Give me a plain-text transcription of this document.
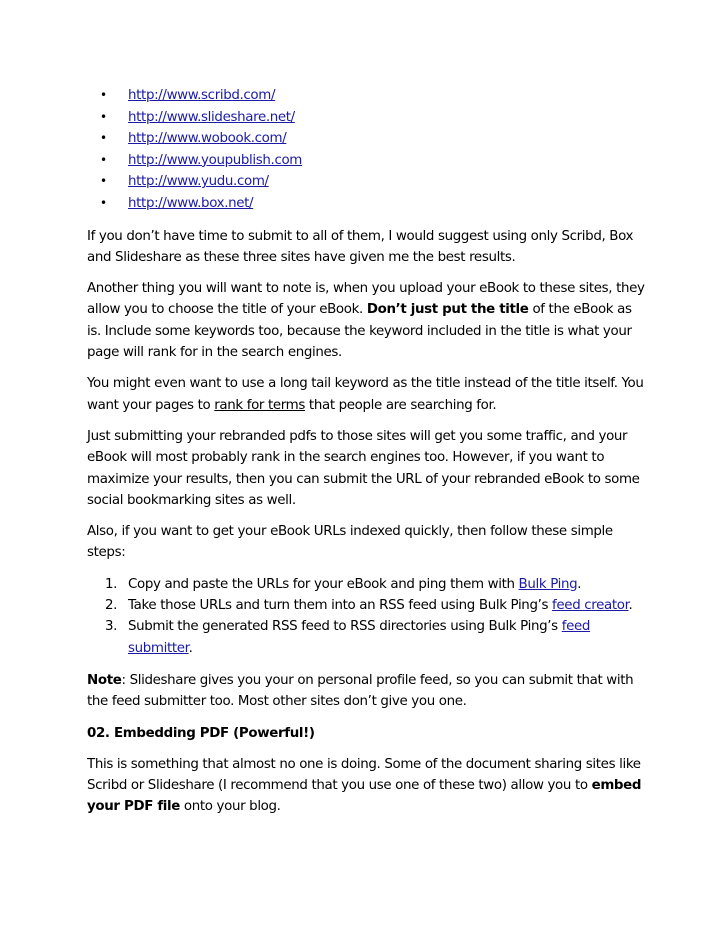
• http://www.scribd.com/
• http://www.slideshare.net/
• http://www.wobook.com/
• http://www.youpublish.com
• http://www.yudu.com/
• http://www.box.net/

If you don’t have time to submit to all of them, I would suggest using only Scribd, Box and Slideshare as these three sites have given me the best results.

Another thing you will want to note is, when you upload your eBook to these sites, they allow you to choose the title of your eBook. Don’t just put the title of the eBook as is. Include some keywords too, because the keyword included in the title is what your page will rank for in the search engines.

You might even want to use a long tail keyword as the title instead of the title itself. You want your pages to rank for terms that people are searching for.

Just submitting your rebranded pdfs to those sites will get you some traffic, and your eBook will most probably rank in the search engines too. However, if you want to maximize your results, then you can submit the URL of your rebranded eBook to some social bookmarking sites as well.

Also, if you want to get your eBook URLs indexed quickly, then follow these simple steps:

1. Copy and paste the URLs for your eBook and ping them with Bulk Ping.
2. Take those URLs and turn them into an RSS feed using Bulk Ping’s feed creator.
3. Submit the generated RSS feed to RSS directories using Bulk Ping’s feed submitter.

Note: Slideshare gives you your on personal profile feed, so you can submit that with the feed submitter too. Most other sites don’t give you one.

02. Embedding PDF (Powerful!)

This is something that almost no one is doing. Some of the document sharing sites like Scribd or Slideshare (I recommend that you use one of these two) allow you to embed your PDF file onto your blog.
